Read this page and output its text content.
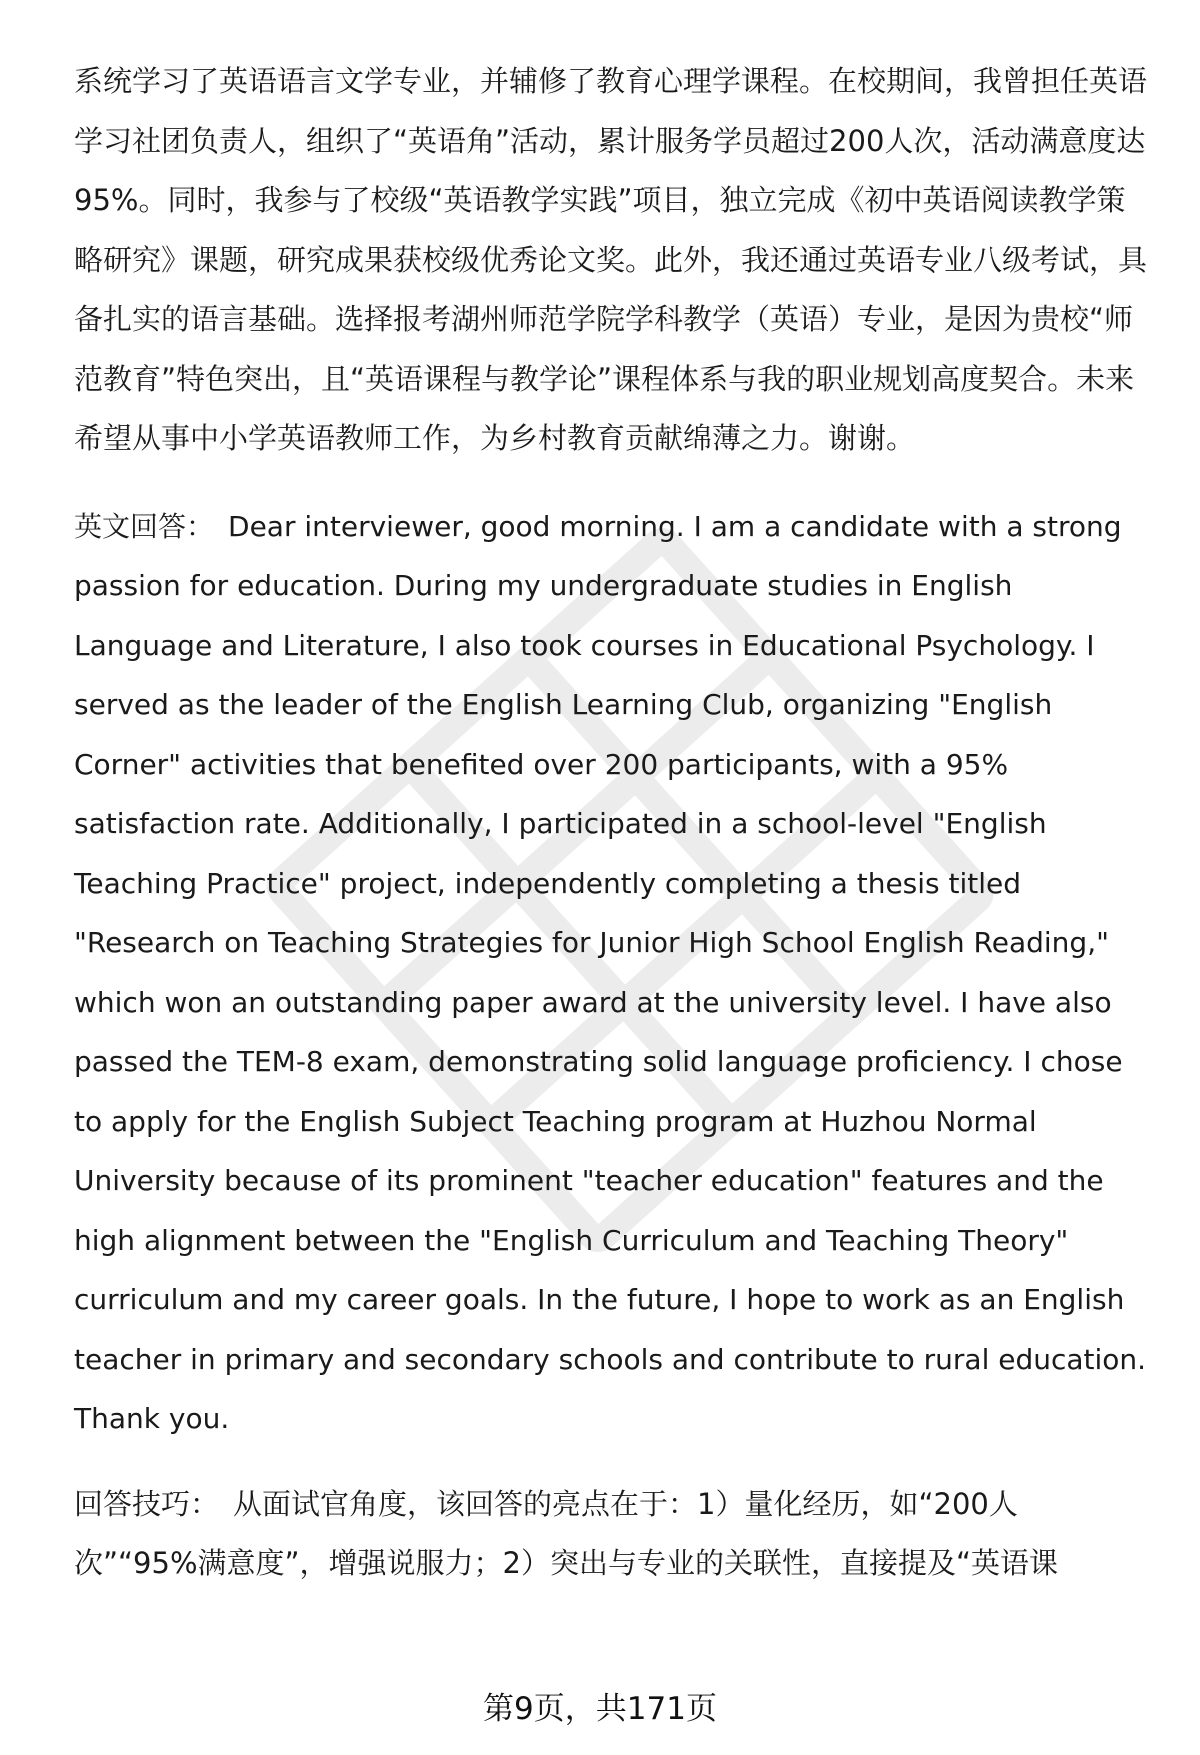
系统学习了英语语言文学专业，并辅修了教育心理学课程。在校期间，我曾担任英语学习社团负责人，组织了“英语角”活动，累计服务学员超过200人次，活动满意度达95%。同时，我参与了校级“英语教学实践”项目，独立完成《初中英语阅读教学策略研究》课题，研究成果获校级优秀论文奖。此外，我还通过英语专业八级考试，具备扎实的语言基础。选择报考湖州师范学院学科教学（英语）专业，是因为贵校“师范教育”特色突出，且“英语课程与教学论”课程体系与我的职业规划高度契合。未来希望从事中小学英语教师工作，为乡村教育贡献绵薄之力。谢谢。

英文回答： Dear interviewer, good morning. I am a candidate with a strong passion for education. During my undergraduate studies in English Language and Literature, I also took courses in Educational Psychology. I served as the leader of the English Learning Club, organizing "English Corner" activities that benefited over 200 participants, with a 95% satisfaction rate. Additionally, I participated in a school-level "English Teaching Practice" project, independently completing a thesis titled "Research on Teaching Strategies for Junior High School English Reading," which won an outstanding paper award at the university level. I have also passed the TEM-8 exam, demonstrating solid language proficiency. I chose to apply for the English Subject Teaching program at Huzhou Normal University because of its prominent "teacher education" features and the high alignment between the "English Curriculum and Teaching Theory" curriculum and my career goals. In the future, I hope to work as an English teacher in primary and secondary schools and contribute to rural education. Thank you.

回答技巧： 从面试官角度，该回答的亮点在于：1）量化经历，如“200人
次”“95%满意度”，增强说服力；2）突出与专业的关联性，直接提及“英语课
第9页，共171页
